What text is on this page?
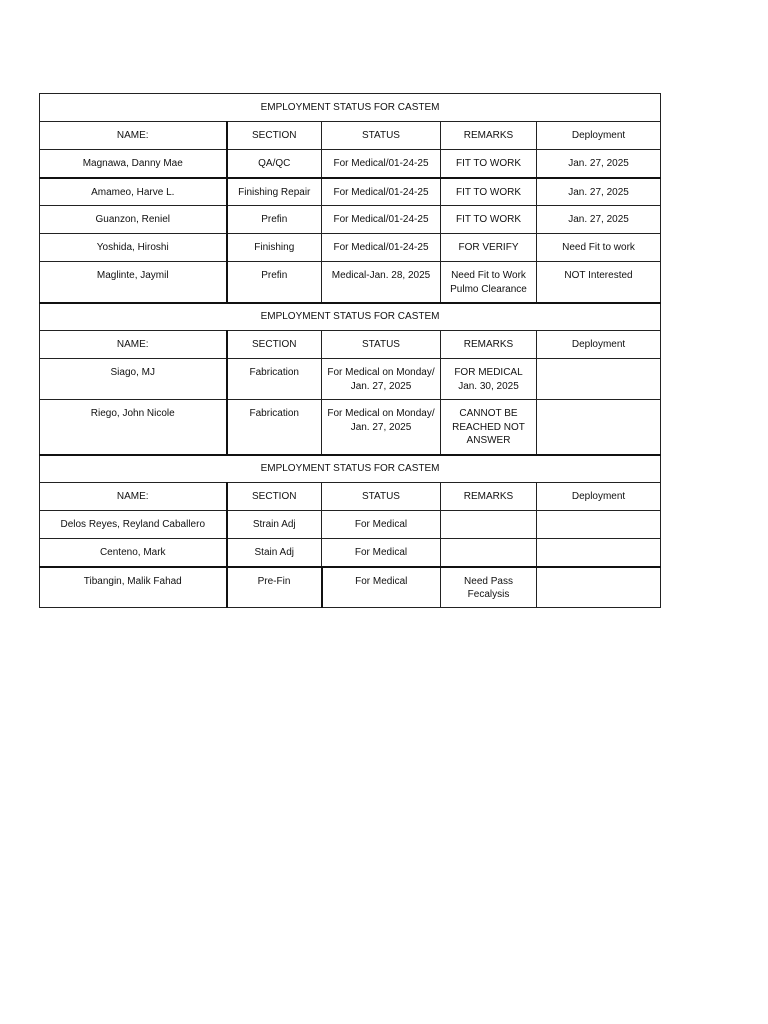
EMPLOYMENT STATUS FOR CASTEM				
NAME:	SECTION	STATUS	REMARKS	Deployment
Magnawa, Danny Mae	QA/QC	For Medical/01-24-25	FIT TO WORK	Jan. 27, 2025
Amameo, Harve L.	Finishing Repair	For Medical/01-24-25	FIT TO WORK	Jan. 27, 2025
Guanzon, Reniel	Prefin	For Medical/01-24-25	FIT TO WORK	Jan. 27, 2025
Yoshida, Hiroshi	Finishing	For Medical/01-24-25	FOR VERIFY	Need Fit to work
Maglinte, Jaymil	Prefin	Medical-Jan. 28, 2025	Need Fit to Work Pulmo Clearance	NOT Interested
EMPLOYMENT STATUS FOR CASTEM				
NAME:	SECTION	STATUS	REMARKS	Deployment
Siago, MJ	Fabrication	For Medical on Monday/ Jan. 27, 2025	FOR MEDICAL Jan. 30, 2025	
Riego, John Nicole	Fabrication	For Medical on Monday/ Jan. 27, 2025	CANNOT BE REACHED NOT ANSWER	
EMPLOYMENT STATUS FOR CASTEM				
NAME:	SECTION	STATUS	REMARKS	Deployment
Delos Reyes, Reyland Caballero	Strain Adj	For Medical		
Centeno, Mark	Stain Adj	For Medical		
Tibangin, Malik Fahad	Pre-Fin	For Medical	Need Pass Fecalysis	
